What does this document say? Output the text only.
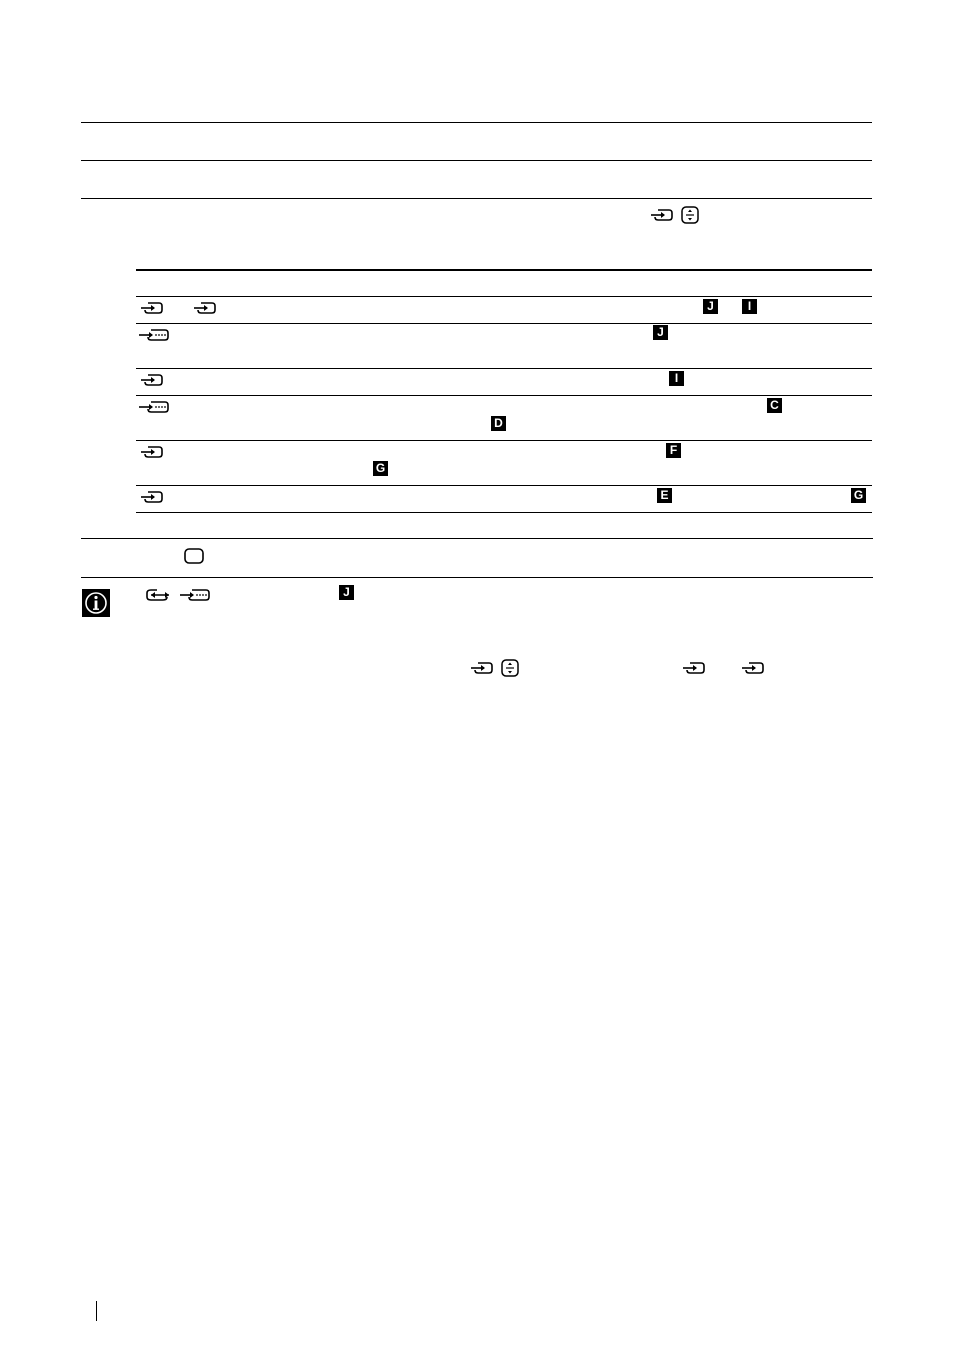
J	I
J
I
C
D
F
G
E	G
J
